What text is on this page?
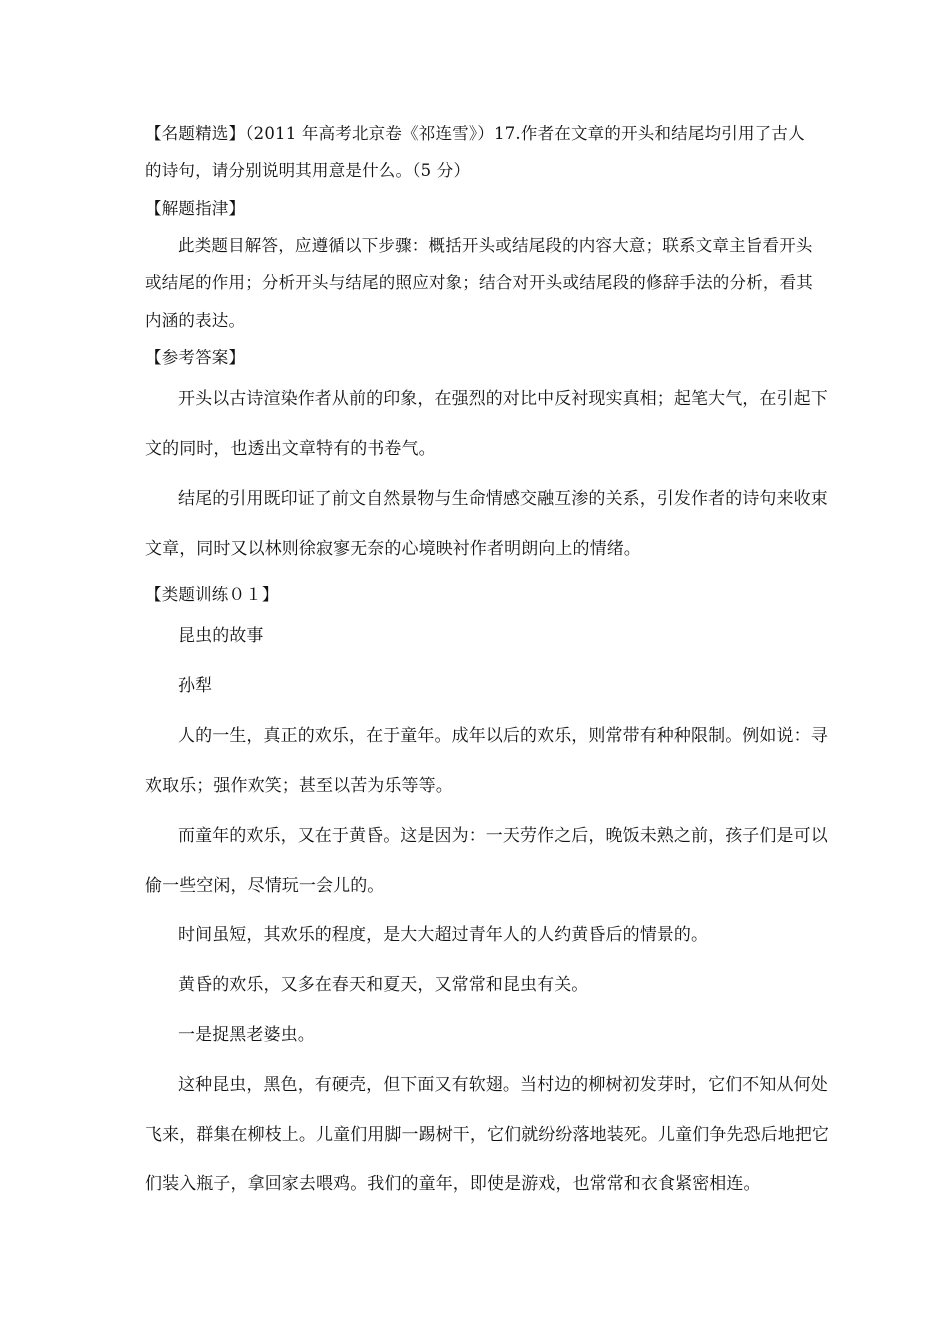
【名题精选】（2011 年高考北京卷《祁连雪》）17.作者在文章的开头和结尾均引用了古人
的诗句，请分别说明其用意是什么。（5 分）
【解题指津】
此类题目解答，应遵循以下步骤：概括开头或结尾段的内容大意；联系文章主旨看开头
或结尾的作用；分析开头与结尾的照应对象；结合对开头或结尾段的修辞手法的分析，看其
内涵的表达。
【参考答案】
开头以古诗渲染作者从前的印象，在强烈的对比中反衬现实真相；起笔大气，在引起下
文的同时，也透出文章特有的书卷气。
结尾的引用既印证了前文自然景物与生命情感交融互渗的关系，引发作者的诗句来收束
文章，同时又以林则徐寂寥无奈的心境映衬作者明朗向上的情绪。
【类题训练０１】
昆虫的故事
孙犁
人的一生，真正的欢乐，在于童年。成年以后的欢乐，则常带有种种限制。例如说：寻
欢取乐；强作欢笑；甚至以苦为乐等等。
而童年的欢乐，又在于黄昏。这是因为：一天劳作之后，晚饭未熟之前，孩子们是可以
偷一些空闲，尽情玩一会儿的。
时间虽短，其欢乐的程度，是大大超过青年人的人约黄昏后的情景的。
黄昏的欢乐，又多在春天和夏天，又常常和昆虫有关。
一是捉黑老婆虫。
这种昆虫，黑色，有硬壳，但下面又有软翅。当村边的柳树初发芽时，它们不知从何处
飞来，群集在柳枝上。儿童们用脚一踢树干，它们就纷纷落地装死。儿童们争先恐后地把它
们装入瓶子，拿回家去喂鸡。我们的童年，即使是游戏，也常常和衣食紧密相连。
